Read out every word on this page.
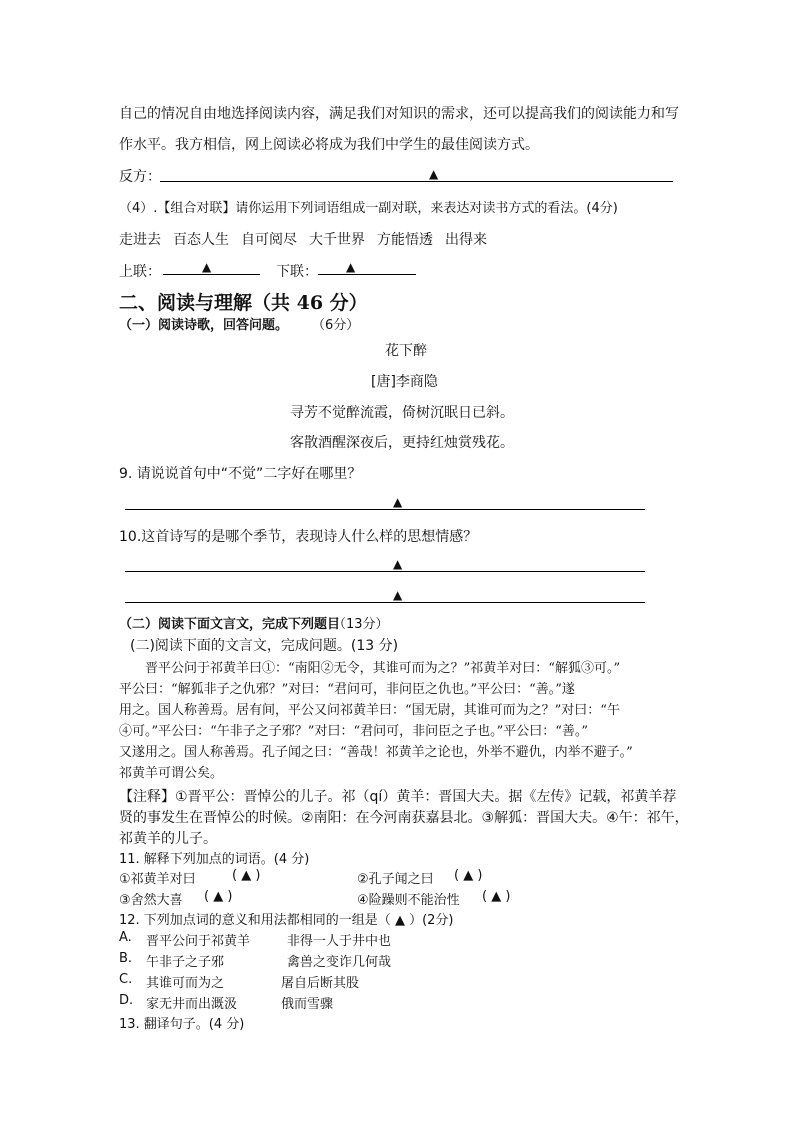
自己的情况自由地选择阅读内容，满足我们对知识的需求，还可以提高我们的阅读能力和写
作水平。我方相信，网上阅读必将成为我们中学生的最佳阅读方式。
反方：	▲
（4）.【组合对联】请你运用下列词语组成一副对联，来表达对读书方式的看法。(4分)
走进去 百态人生 自可阅尽 大千世界 方能悟透 出得来
上联：	▲	下联： ▲
二、阅读与理解（共 46 分）
（一）阅读诗歌，回答问题。 （6分）
花下醉
[唐]李商隐
寻芳不觉醉流霞，倚树沉眠日已斜。
客散酒醒深夜后，更持红烛赏残花。
9. 请说说首句中“不觉”二字好在哪里？
▲
10.这首诗写的是哪个季节，表现诗人什么样的思想情感？
▲
▲
（二）阅读下面文言文，完成下列题目
（13分）
(二)阅读下面的文言文，完成问题。(13 分)
晋平公问于祁黄羊曰①：“南阳②无令，其谁可而为之？”祁黄羊对曰：“解狐③可。”
平公曰：“解狐非子之仇邪？”对曰：“君问可，非问臣之仇也。”平公曰：“善。”遂
用之。国人称善焉。居有间，平公又问祁黄羊曰：“国无尉，其谁可而为之？”对曰：“午
④可。”平公曰：“午非子之子邪？”对曰：“君问可，非问臣之子也。”平公曰：“善。”
又遂用之。国人称善焉。孔子闻之曰：“善哉！祁黄羊之论也，外举不避仇，内举不避子。”
祁黄羊可谓公矣。
【注释】①晋平公：晋悼公的儿子。祁（qí）黄羊：晋国大夫。据《左传》记载，祁黄羊荐
贤的事发生在晋悼公的时候。②南阳：在今河南获嘉县北。③解狐：晋国大夫。④午：祁午，
祁黄羊的儿子。
11. 解释下列加点的词语。(4 分)
①祁黄羊对曰	( ▲ )	②孔子闻之曰 ( ▲ )
③舍然大喜 ( ▲ )	④险躁则不能治性 ( ▲ )
12. 下列加点词的意义和用法都相同的一组是（ ▲ ）(2分)
A. 晋平公问于祁黄羊	非得一人于井中也
B. 午非子之子邪	禽兽之变诈几何哉
C. 其谁可而为之	屠自后断其股
D. 家无井而出溉汲	俄而雪骤
13. 翻译句子。(4 分)
